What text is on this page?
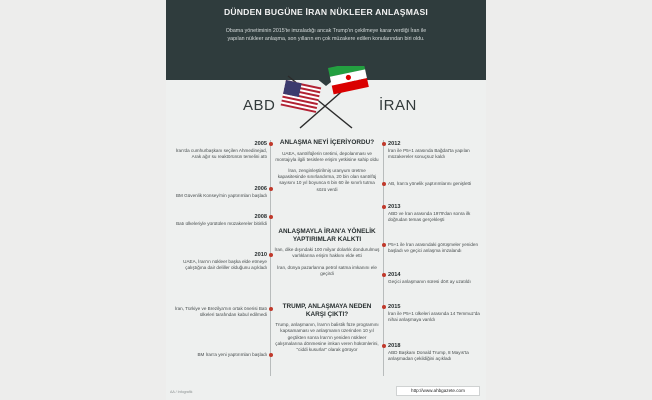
DÜNDEN BUGÜNE İRAN NÜKLEER ANLAŞMASI
Obama yönetiminin 2015'te imzaladığı ancak Trump'ın çekilmeye karar verdiği İran ile yapılan nükleer anlaşma, son yılların en çok müzakere edilen konularından biri oldu.
ABD	İRAN
2005
İran'da cumhurbaşkanı seçilen Ahmedinejad, Arak ağır su reaktörünün temelini attı
2006
BM Güvenlik Konseyi'nin yaptırımları başladı
2008
Batı ülkeleriyle yürütülen müzakereler bitirildi
2010
UAEA, İran'ın nükleer başka elde etmeye çalıştığına dair deliller olduğunu açıkladı
İran, Türkiye ve Brezilya'nın ortak önerisi Batı ülkeleri tarafından kabul edilmedi
BM İran'a yeni yaptırımları başladı
ANLAŞMA NEYİ İÇERİYORDU?
UAEA, santrifüjlerin üretimi, depolanması ve montajıyla ilgili tesislere erişim yetkisine sahip oldu
İran, zenginleştirilmiş uranyum üretme kapasitesinde sınırlandırma, 20 bin olan santrifüj sayısını 10 yıl boyunca 6 bin 60 ile sınırlı tutma sözü verdi
ANLAŞMAYLA İRAN'A YÖNELİK YAPTIRIMLAR KALKTI
İran, dike dışındaki 100 milyar dolarlık dondurulmuş varlıklarına erişim hakkını elde etti
İran, dünya pazarlarına petrol satma imkanını ele geçirdi
TRUMP, ANLAŞMAYA NEDEN KARŞI ÇIKTI?
Trump, anlaşmanın, İran'ın balistik füze programını kapsamaması ve anlaşmanın üzerinden 10 yıl geçtikten sonra İran'ın yeniden nükleer çalışmalarına dönmesine imkan veren hükümlerini, "ciddi kusurlar" olarak görüyor
2012
İran ile P5+1 arasında Bağdat'ta yapılan müzakereler sonuçsuz kaldı
AB, İran'a yönelik yaptırımlarını genişletti
2013
ABD ve İran arasında 1979'dan sonra ilk doğrudan temas gerçekleşti
P5+1 ile İran arasındaki görüşmeler yeniden başladı ve geçici anlaşma imzalandı
2014
Geçici anlaşmanın süresi dört ay uzatıldı
2015
İran ile P5+1 ülkeleri arasında 14 Temmuz'da nihai anlaşmaya varıldı
2018
ABD Başkanı Donald Trump, 8 Mayıs'ta anlaşmadan çekildiğini açıkladı
AA / Infografik	http://www.ahbgazete.com
